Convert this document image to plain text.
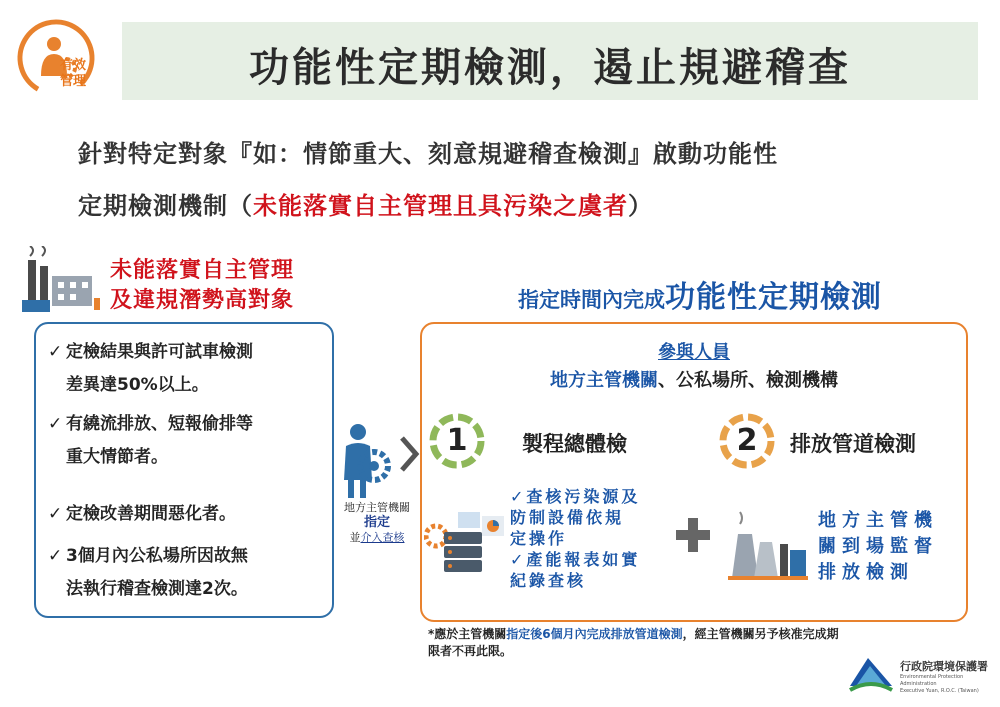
有效
管理	功能性定期檢測，遏止規避稽查
針對特定對象『如：情節重大、刻意規避稽查檢測』啟動功能性
定期檢測機制（未能落實自主管理且具污染之虞者）
未能落實自主管理
及違規潛勢高對象
✓ 定檢結果與許可試車檢測
差異達50%以上。
✓ 有繞流排放、短報偷排等
重大情節者。
✓ 定檢改善期間惡化者。
✓ 3個月內公私場所因故無
法執行稽查檢測達2次。
地方主管機關
指定
並介入查核
指定時間內完成功能性定期檢測
參與人員
地方主管機關、公私場所、檢測機構
1	製程總體檢	2	排放管道檢測
✓查核污染源及
防制設備依規
定操作
✓產能報表如實
紀錄查核
地方主管機
關到場監督
排放檢測
*應於主管機關指定後6個月內完成排放管道檢測，經主管機關另予核准完成期
限者不再此限。
行政院環境保護署
Environmental Protection Administration
Executive Yuan, R.O.C. (Taiwan)
